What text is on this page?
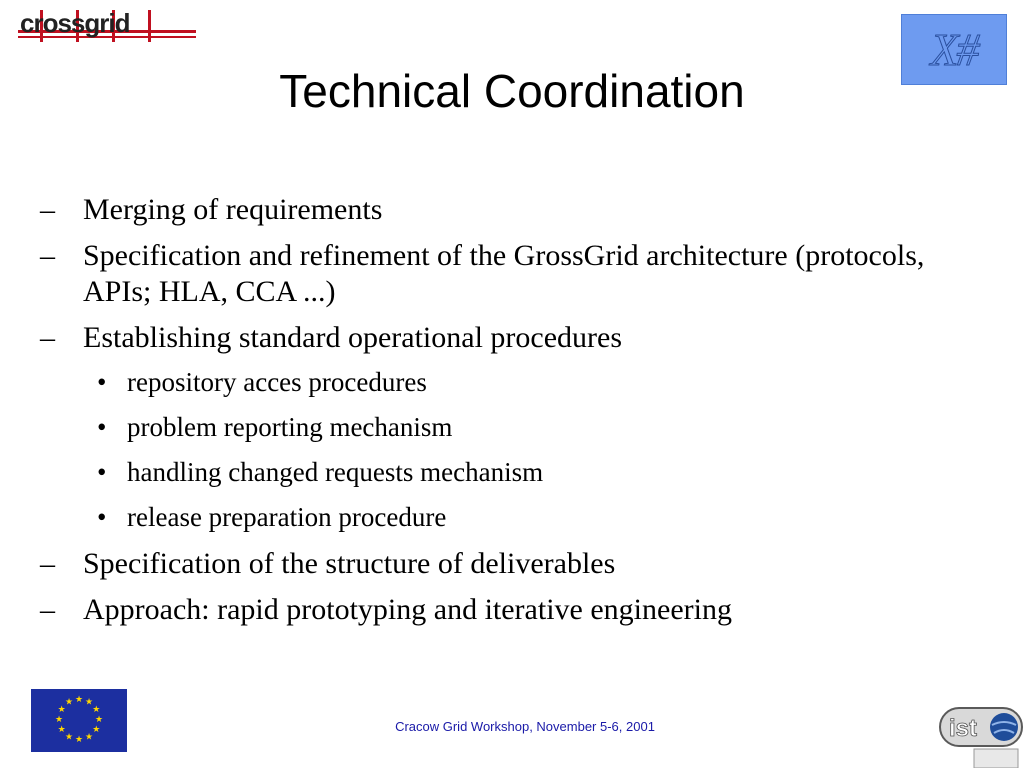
crossgrid
X#
Technical Coordination
– Merging of requirements
– Specification and refinement of the GrossGrid architecture (protocols, APIs; HLA, CCA ...)
– Establishing standard operational procedures
• repository acces procedures
• problem reporting mechanism
• handling changed requests mechanism
• release preparation procedure
– Specification of the structure of deliverables
– Approach: rapid prototyping and iterative engineering
★ ★
★
★
★
★
★
★
★
★
★
★
Cracow Grid Workshop, November 5-6, 2001	ist
